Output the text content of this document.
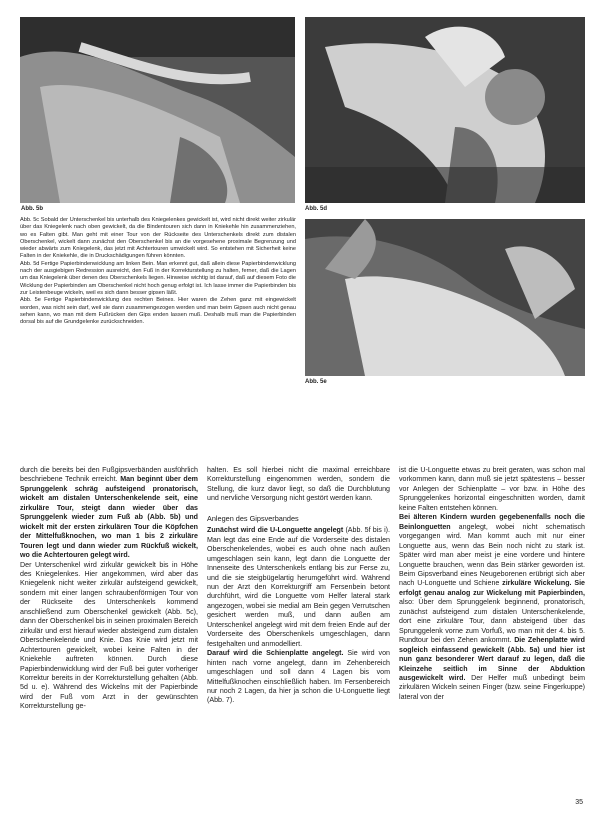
Abb. 5b	Abb. 5d
Abb. 5e

Abb. 5c Sobald der Unterschenkel bis unterhalb des Kniegelenkes gewickelt ist, wird nicht direkt weiter zirkulär über das Kniegelenk nach oben gewickelt, da die Bindentouren sich dann in Kniekehle hin zusammenziehen, wo es Falten gibt. Man geht mit einer Tour von der Rückseite des Unterschenkels direkt zum distalen Oberschenkel, wickelt dann zunächst den Oberschenkel bis an die vorgesehene proximale Begrenzung und wieder abwärts zum Kniegelenk, das jetzt mit Achtertouren umwickelt wird. So entstehen mit Sicherheit keine Falten in der Kniekehle, die in Druckschädigungen führen könnten.

Abb. 5d Fertige Papierbindenwicklung am linken Bein. Man erkennt gut, daß allein diese Papierbindenwicklung nach der ausgiebigen Redression ausreicht, den Fuß in der Korrekturstellung zu halten, ferner, daß die Lagen um das Kniegelenk über denen des Oberschenkels liegen. Hinweise wichtig ist darauf, daß auf diesem Foto die Wicklung der Papierbinden am Oberschenkel nicht hoch genug erfolgt ist. Ich lasse immer die Papierbinden bis zur Leistenbeuge wickeln, weil es sich dann besser gipsen läßt.

Abb. 5e Fertige Papierbindenwicklung des rechten Beines. Hier waren die Zehen ganz mit eingewickelt worden, was nicht sein darf, weil sie dann zusammengezogen werden und man beim Gipsen auch nicht genau sehen kann, wo man mit dem Fußrücken den Gips enden lassen muß. Deshalb muß man die Papierbinden dorsal bis auf die Grundgelenke zurückschneiden.

durch die bereits bei den Fußgipsverbänden ausführlich beschriebene Technik erreicht. Man beginnt über dem Sprunggelenk schräg aufsteigend pronatorisch, wickelt am distalen Unterschenkelende seit, eine zirkuläre Tour, steigt dann wieder über das Sprunggelenk wieder zum Fuß ab (Abb. 5b) und wickelt mit der ersten zirkulären Tour die Köpfchen der Mittelfußknochen, wo man 1 bis 2 zirkuläre Touren legt und dann wieder zum Rückfuß wickelt, wo die Achtertouren gelegt wird.

Der Unterschenkel wird zirkulär gewickelt bis in Höhe des Kniegelenkes. Hier angekommen, wird aber das Kniegelenk nicht weiter zirkulär aufsteigend gewickelt, sondern mit einer langen schraubenförmigen Tour von der Rückseite des Unterschenkels kommend anschließend zum Oberschenkel gewickelt (Abb. 5c), dann der Oberschenkel bis in seinen proximalen Bereich zirkulär und erst hierauf wieder absteigend zum distalen Oberschenkelende und Knie. Das Knie wird jetzt mit Achtertouren gewickelt, wobei keine Falten in der Kniekehle auftreten können. Durch diese Papierbindenwicklung wird der Fuß bei guter vorheriger Korrektur bereits in der Korrekturstellung gehalten (Abb. 5d u. e). Während des Wickelns mit der Papierbinde wird der Fuß vom Arzt in der gewünschten Korrekturstellung ge-

halten. Es soll hierbei nicht die maximal erreichbare Korrekturstellung eingenommen werden, sondern die Stellung, die kurz davor liegt, so daß die Durchblutung und nervliche Versorgung nicht gestört werden kann.

Anlegen des Gipsverbandes

Zunächst wird die U-Longuette angelegt (Abb. 5f bis i). Man legt das eine Ende auf die Vorderseite des distalen Oberschenkelendes, wobei es auch ohne nach außen umgeschlagen sein kann, legt dann die Longuette der Innenseite des Unterschenkels entlang bis zur Ferse zu, und die sie steigbügelartig herumgeführt wird. Während nun der Arzt den Korrekturgriff am Fersenbein betont durchführt, wird die Longuette vom Helfer lateral stark angezogen, wobei sie medial am Bein gegen Verrutschen gesichert werden muß, und dann außen am Unterschenkel angelegt wird mit dem freien Ende auf der Vorderseite des Oberschenkels umgeschlagen, dann festgehalten und anmodelliert.

Darauf wird die Schienplatte angelegt. Sie wird von hinten nach vorne angelegt, dann im Zehenbereich umgeschlagen und soll dann 4 Lagen bis vom Mittelfußknochen einschließlich haben. Im Fersenbereich nur noch 2 Lagen, da hier ja schon die U-Longuette liegt (Abb. 7).

ist die U-Longuette etwas zu breit geraten, was schon mal vorkommen kann, dann muß sie jetzt spätestens – besser vor Anlegen der Schienplatte – vor bzw. in Höhe des Sprunggelenkes horizontal eingeschnitten worden, damit keine Falten entstehen können.

Bei älteren Kindern wurden gegebenenfalls noch die Beinlonguetten angelegt, wobei nicht schematisch vorgegangen wird. Man kommt auch mit nur einer Longuette aus, wenn das Bein noch nicht zu stark ist. Später wird man aber meist je eine vordere und hintere Longuette brauchen, wenn das Bein stärker geworden ist. Beim Gipsverband eines Neugeborenen erübrigt sich aber nach U-Longuette und Schiene zirkuläre Wickelung. Sie erfolgt genau analog zur Wickelung mit Papierbinden, also: Über dem Sprunggelenk beginnend, pronatorisch, zunächst aufsteigend zum distalen Unterschenkelende, dort eine zirkuläre Tour, dann absteigend über das Sprunggelenk vorne zum Vorfuß, wo man mit der 4. bis 5. Rundtour bei den Zehen ankommt. Die Zehenplatte wird sogleich einfassend gewickelt (Abb. 5a) und hier ist nun ganz besonderer Wert darauf zu legen, daß die Kleinzehe seitlich im Sinne der Abduktion ausgewickelt wird. Der Helfer muß unbedingt beim zirkulären Wickeln seinen Finger (bzw. seine Fingerkuppe) lateral von der

35
